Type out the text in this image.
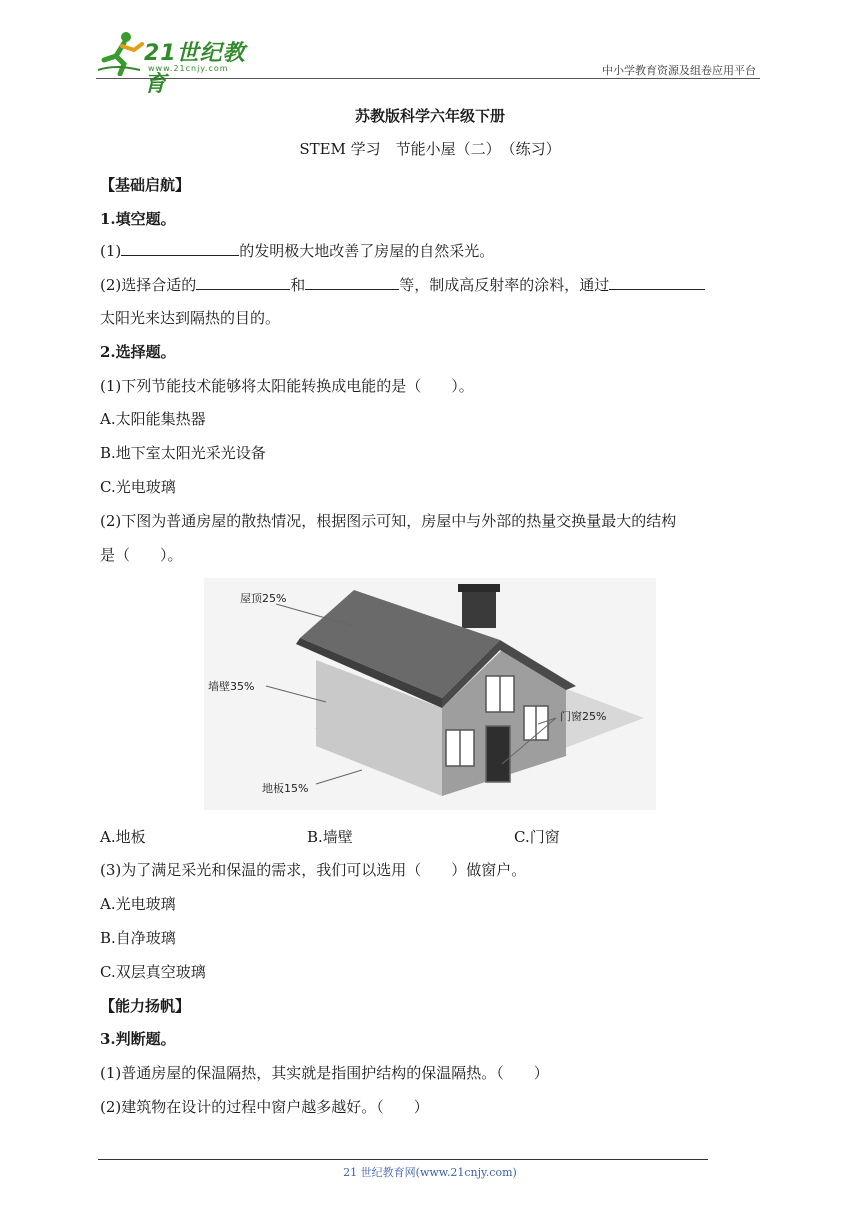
21世纪教育
www.21cnjy.com	中小学教育资源及组卷应用平台
苏教版科学六年级下册
STEM 学习　节能小屋（二）　（练习）
【基础启航】
1.填空题。
(1)	的发明极大地改善了房屋的自然采光。
(2)选择合适的	和	等，制成高反射率的涂料，通过
太阳光来达到隔热的目的。
2.选择题。
(1)下列节能技术能够将太阳能转换成电能的是（　　）。
A.太阳能集热器
B.地下室太阳光采光设备
C.光电玻璃
(2)下图为普通房屋的散热情况，根据图示可知，房屋中与外部的热量交换量最大的结构
是（　　）。
屋顶25%
墙壁35%
地板15%
门窗25%
A.地板	B.墙壁	C.门窗
(3)为了满足采光和保温的需求，我们可以选用（　　）做窗户。
A.光电玻璃
B.自净玻璃
C.双层真空玻璃
【能力扬帆】
3.判断题。
(1)普通房屋的保温隔热，其实就是指围护结构的保温隔热。（　　）
(2)建筑物在设计的过程中窗户越多越好。（　　）
21 世纪教育网(www.21cnjy.com)
